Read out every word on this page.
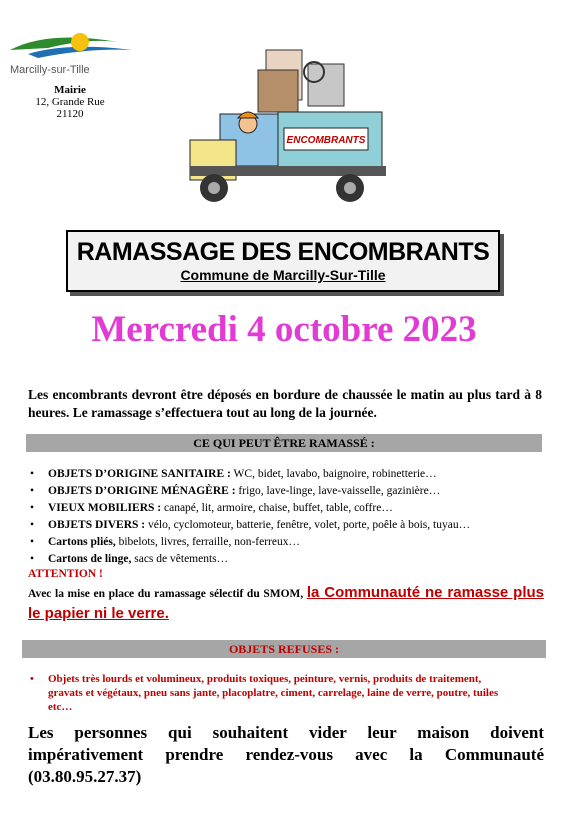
Marcilly-sur-Tille
Mairie
12, Grande Rue
21120
ENCOMBRANTS
RAMASSAGE DES ENCOMBRANTS
Commune de Marcilly-Sur-Tille
Mercredi 4 octobre 2023
Les encombrants devront être déposés en bordure de chaussée le matin au plus tard à 8 heures. Le ramassage s’effectuera tout au long de la journée.
CE QUI PEUT ÊTRE RAMASSÉ :
• OBJETS D’ORIGINE SANITAIRE : WC, bidet, lavabo, baignoire, robinetterie…
• OBJETS D’ORIGINE MÉNAGÈRE : frigo, lave-linge, lave-vaisselle, gazinière…
• VIEUX MOBILIERS : canapé, lit, armoire, chaise, buffet, table, coffre…
• OBJETS DIVERS : vélo, cyclomoteur, batterie, fenêtre, volet, porte, poêle à bois, tuyau…
• Cartons pliés, bibelots, livres, ferraille, non-ferreux…
• Cartons de linge, sacs de vêtements…
ATTENTION !
Avec la mise en place du ramassage sélectif du SMOM, la Communauté ne ramasse plus le papier ni le verre.
OBJETS REFUSES :
• Objets très lourds et volumineux, produits toxiques, peinture, vernis, produits de traitement, gravats et végétaux, pneu sans jante, placoplatre, ciment, carrelage, laine de verre, poutre, tuiles etc…
Les personnes qui souhaitent vider leur maison doivent impérativement prendre rendez-vous avec la Communauté (03.80.95.27.37)
